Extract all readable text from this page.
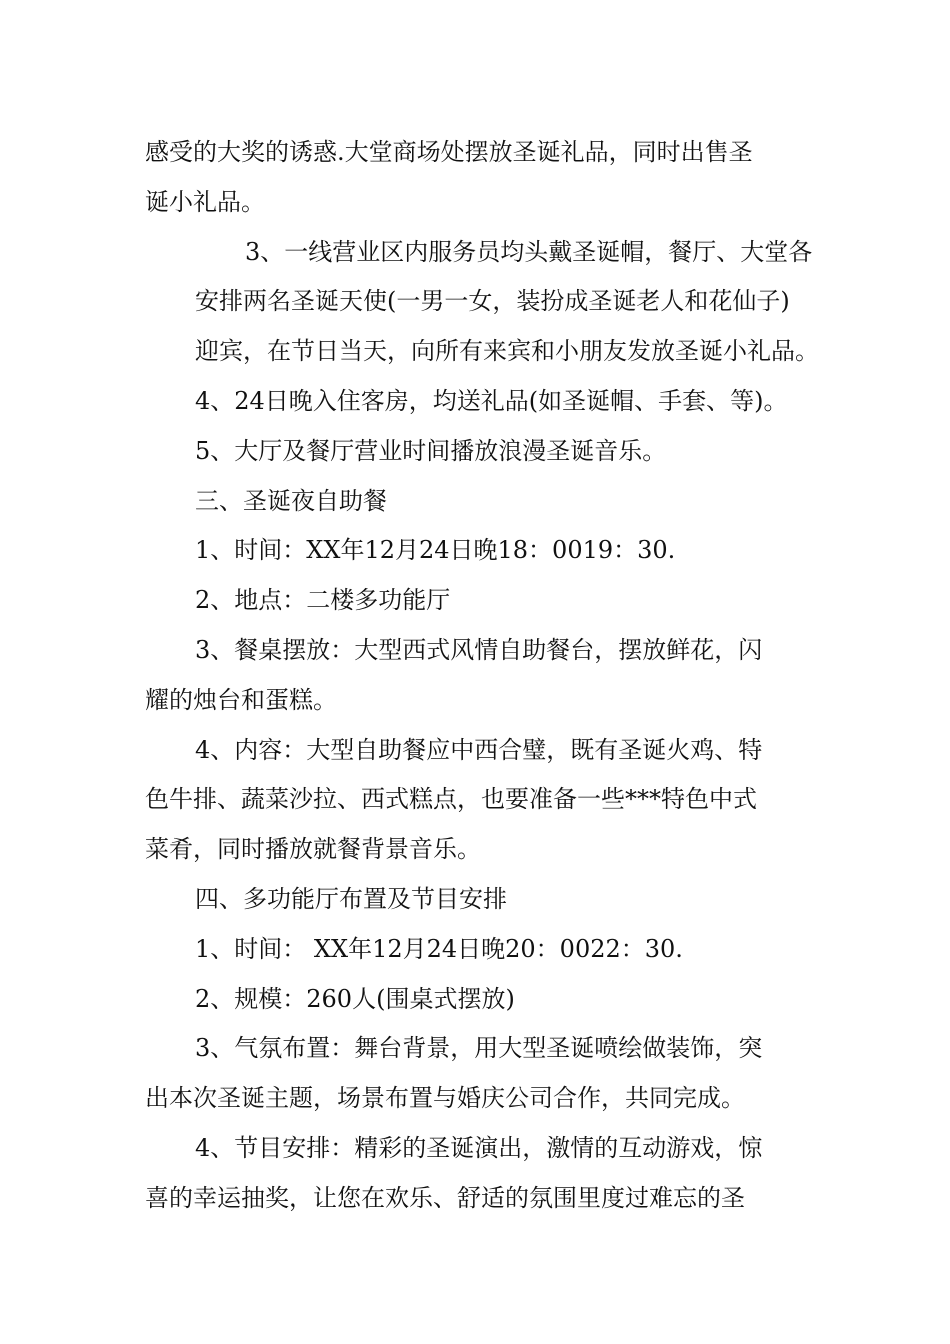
感受的大奖的诱惑.大堂商场处摆放圣诞礼品，同时出售圣
诞小礼品。

3、一线营业区内服务员均头戴圣诞帽，餐厅、大堂各
安排两名圣诞天使(一男一女，装扮成圣诞老人和花仙子)
迎宾，在节日当天，向所有来宾和小朋友发放圣诞小礼品。

4、24日晚入住客房，均送礼品(如圣诞帽、手套、等)。

5、大厅及餐厅营业时间播放浪漫圣诞音乐。

三、圣诞夜自助餐

1、时间：XX年12月24日晚18：0019：30.

2、地点：二楼多功能厅

3、餐桌摆放：大型西式风情自助餐台，摆放鲜花，闪
耀的烛台和蛋糕。

4、内容：大型自助餐应中西合璧，既有圣诞火鸡、特
色牛排、蔬菜沙拉、西式糕点，也要准备一些***特色中式
菜肴，同时播放就餐背景音乐。

四、多功能厅布置及节目安排

1、时间： XX年12月24日晚20：0022：30.

2、规模：260人(围桌式摆放)

3、气氛布置：舞台背景，用大型圣诞喷绘做装饰，突
出本次圣诞主题，场景布置与婚庆公司合作，共同完成。

4、节目安排：精彩的圣诞演出，激情的互动游戏，惊
喜的幸运抽奖，让您在欢乐、舒适的氛围里度过难忘的圣
